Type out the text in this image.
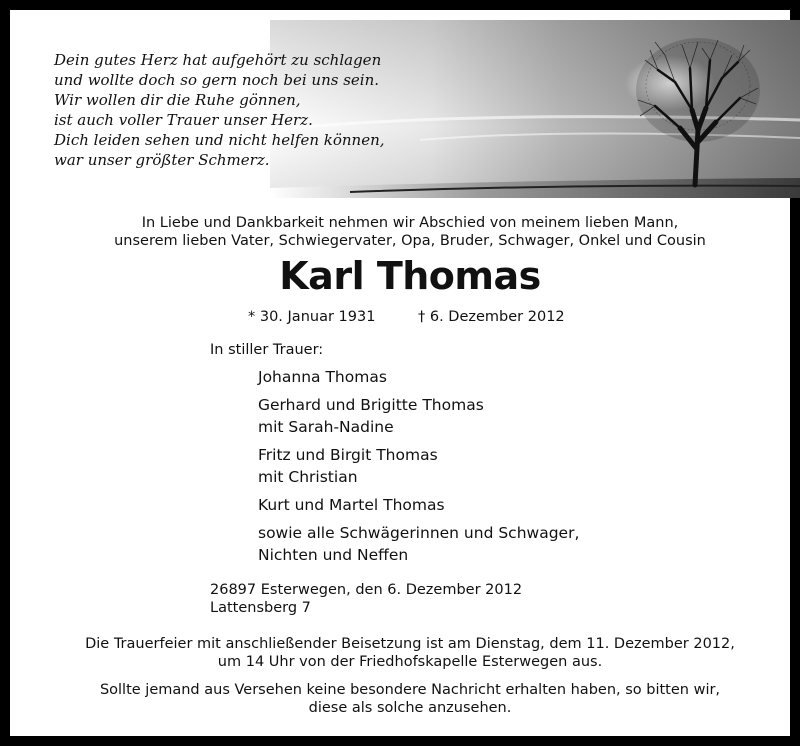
Dein gutes Herz hat aufgehört zu schlagen
und wollte doch so gern noch bei uns sein.
Wir wollen dir die Ruhe gönnen,
ist auch voller Trauer unser Herz.
Dich leiden sehen und nicht helfen können,
war unser größter Schmerz.
In Liebe und Dankbarkeit nehmen wir Abschied von meinem lieben Mann,
unserem lieben Vater, Schwiegervater, Opa, Bruder, Schwager, Onkel und Cousin
Karl Thomas
* 30. Januar 1931	† 6. Dezember 2012
In stiller Trauer:
Johanna Thomas
Gerhard und Brigitte Thomas
mit Sarah-Nadine
Fritz und Birgit Thomas
mit Christian
Kurt und Martel Thomas
sowie alle Schwägerinnen und Schwager,
Nichten und Neffen
26897 Esterwegen, den 6. Dezember 2012
Lattensberg 7
Die Trauerfeier mit anschließender Beisetzung ist am Dienstag, dem 11. Dezember 2012,
um 14 Uhr von der Friedhofskapelle Esterwegen aus.
Sollte jemand aus Versehen keine besondere Nachricht erhalten haben, so bitten wir,
diese als solche anzusehen.
